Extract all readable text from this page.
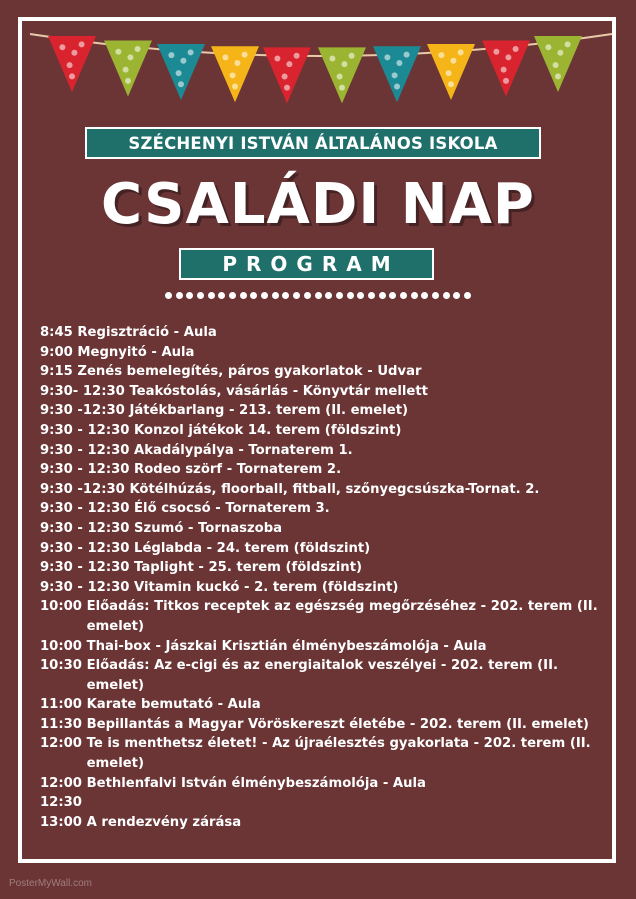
SZÉCHENYI ISTVÁN ÁLTALÁNOS ISKOLA
CSALÁDI NAP
PROGRAM
8:45
Regisztráció - Aula
9:00
Megnyitó - Aula
9:15
Zenés bemelegítés, páros gyakorlatok - Udvar
9:30-
12:30 Teakóstolás, vásárlás - Könyvtár mellett
9:30
-12:30 Játékbarlang - 213. terem (II. emelet)
9:30
- 12:30 Konzol játékok 14. terem (földszint)
9:30
- 12:30 Akadálypálya - Tornaterem 1.
9:30
- 12:30 Rodeo szörf - Tornaterem 2.
9:30
-12:30 Kötélhúzás, floorball, fitball, szőnyegcsúszka-Tornat. 2.
9:30
- 12:30 Élő csocsó - Tornaterem 3.
9:30
- 12:30 Szumó - Tornaszoba
9:30
- 12:30 Léglabda - 24. terem (földszint)
9:30
- 12:30 Taplight - 25. terem (földszint)
9:30
- 12:30 Vitamin kuckó - 2. terem (földszint)
10:00
Előadás: Titkos receptek az egészség megőrzéséhez - 202. terem (II. emelet)
10:00
Thai-box - Jászkai Krisztián élménybeszámolója - Aula
10:30
Előadás: Az e-cigi és az energiaitalok veszélyei - 202. terem (II. emelet)
11:00
Karate bemutató - Aula
11:30
Bepillantás a Magyar Vöröskereszt életébe - 202. terem (II. emelet)
12:00
Te is menthetsz életet! - Az újraélesztés gyakorlata - 202. terem (II. emelet)
12:00
Bethlenfalvi István élménybeszámolója - Aula
12:30

13:00
A rendezvény zárása
PosterMyWall.com
